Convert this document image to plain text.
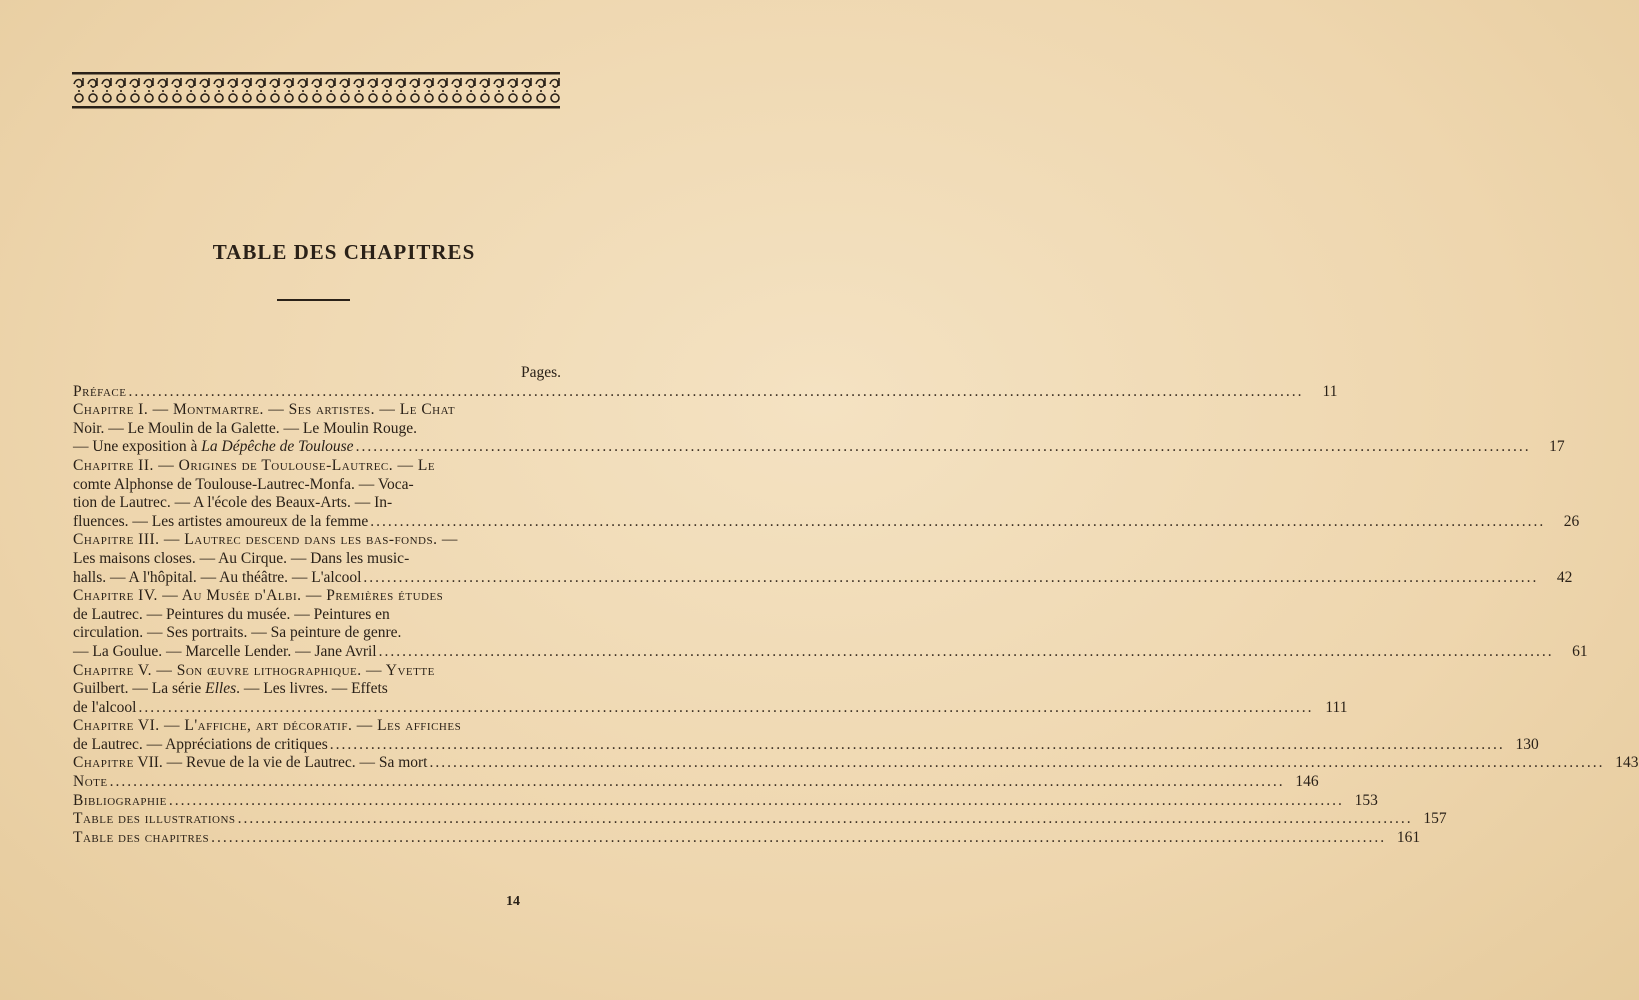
TABLE DES CHAPITRES
Pages.
Préface ........................................................................................................................................................................................................	11
Chapitre I. — Montmartre. — Ses artistes. — Le Chat
Noir. — Le Moulin de la Galette. — Le Moulin Rouge.
— Une exposition à La Dépêche de Toulouse ........................................................................................................................................................................................................	17
Chapitre II. — Origines de Toulouse-Lautrec. — Le
comte Alphonse de Toulouse-Lautrec-Monfa. — Voca-
tion de Lautrec. — A l'école des Beaux-Arts. — In-
fluences. — Les artistes amoureux de la femme ........................................................................................................................................................................................................	26
Chapitre III. — Lautrec descend dans les bas-fonds. —
Les maisons closes. — Au Cirque. — Dans les music-
halls. — A l'hôpital. — Au théâtre. — L'alcool ........................................................................................................................................................................................................	42
Chapitre IV. — Au Musée d'Albi. — Premières études
de Lautrec. — Peintures du musée. — Peintures en
circulation. — Ses portraits. — Sa peinture de genre.
— La Goulue. — Marcelle Lender. — Jane Avril ........................................................................................................................................................................................................	61
Chapitre V. — Son œuvre lithographique. — Yvette
Guilbert. — La série Elles. — Les livres. — Effets
de l'alcool ........................................................................................................................................................................................................ 111
Chapitre VI. — L'affiche, art décoratif. — Les affiches
de Lautrec. — Appréciations de critiques ........................................................................................................................................................................................................ 130
Chapitre VII. — Revue de la vie de Lautrec. — Sa mort ........................................................................................................................................................................................................ 143
Note ........................................................................................................................................................................................................ 146
Bibliographie ........................................................................................................................................................................................................ 153
Table des illustrations ........................................................................................................................................................................................................ 157
Table des chapitres ........................................................................................................................................................................................................ 161
14
